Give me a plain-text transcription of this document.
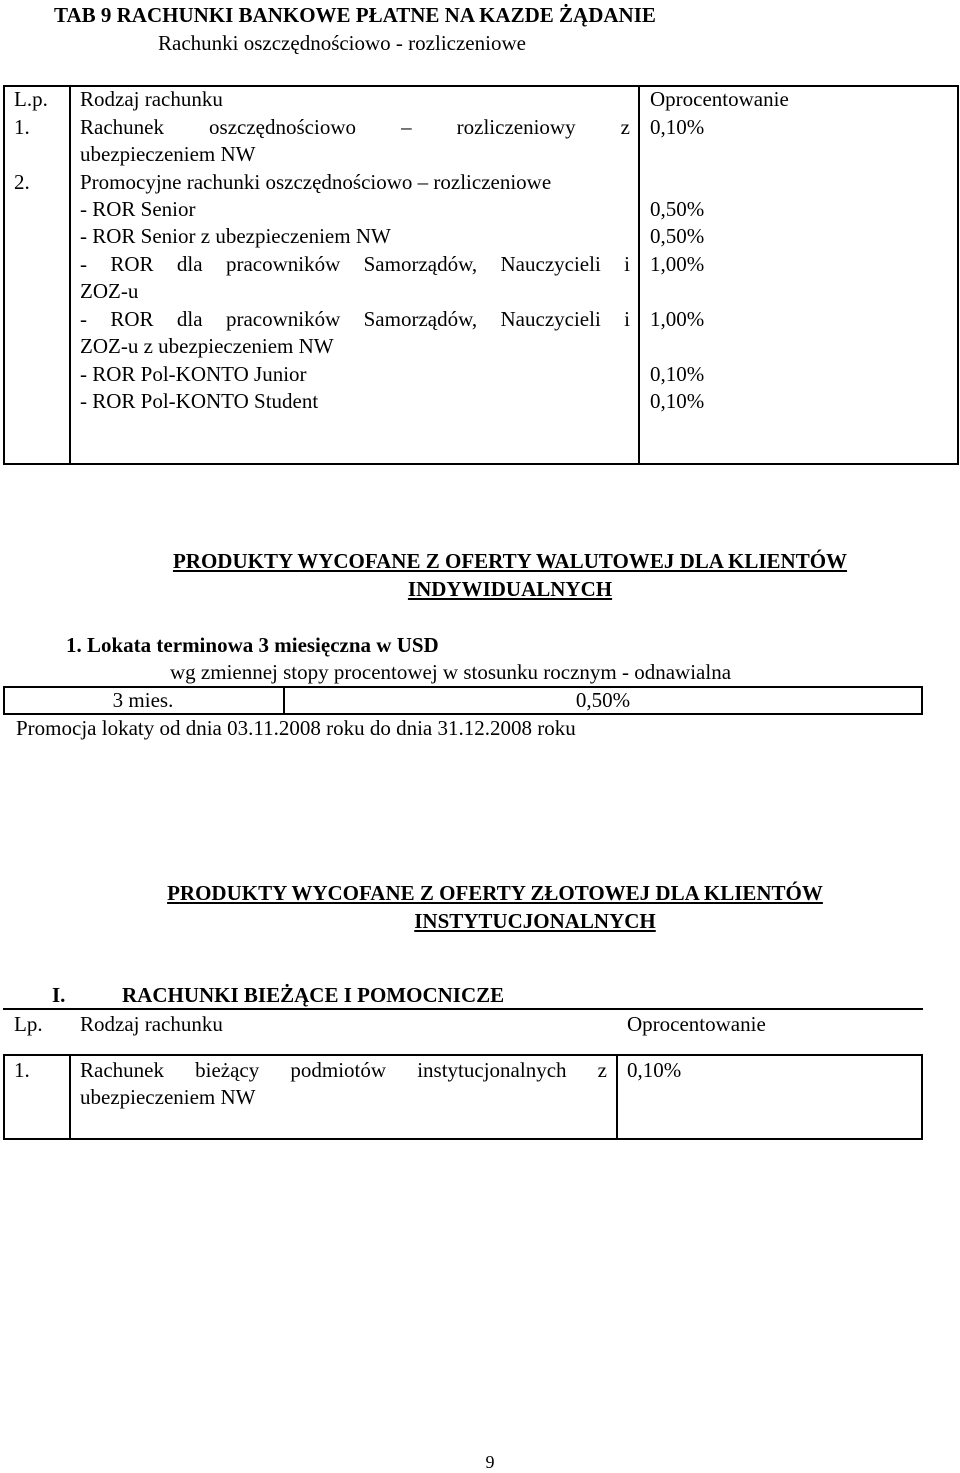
TAB 9 RACHUNKI BANKOWE PŁATNE NA KAZDE ŻĄDANIE
Rachunki oszczędnościowo - rozliczeniowe
L.p. Rodzaj rachunku	Oprocentowanie
1. Rachunek oszczędnościowo – rozliczeniowy z
ubezpieczeniem NW
0,10%
2. Promocyjne rachunki oszczędnościowo – rozliczeniowe
- ROR Senior	0,50%
- ROR Senior z ubezpieczeniem NW	0,50%
- ROR dla pracowników Samorządów, Nauczycieli i
ZOZ-u
1,00%
- ROR dla pracowników Samorządów, Nauczycieli i
ZOZ-u z ubezpieczeniem NW
1,00%
- ROR Pol-KONTO Junior	0,10%
- ROR Pol-KONTO Student	0,10%
PRODUKTY WYCOFANE Z OFERTY WALUTOWEJ DLA KLIENTÓW
INDYWIDUALNYCH
1. Lokata terminowa 3 miesięczna w USD
wg zmiennej stopy procentowej w stosunku rocznym - odnawialna
3 mies.	0,50%
Promocja lokaty od dnia 03.11.2008 roku do dnia 31.12.2008 roku
PRODUKTY WYCOFANE Z OFERTY ZŁOTOWEJ DLA KLIENTÓW
INSTYTUCJONALNYCH
I.	RACHUNKI BIEŻĄCE I POMOCNICZE
Lp. Rodzaj rachunku	Oprocentowanie
1. Rachunek bieżący podmiotów instytucjonalnych z
ubezpieczeniem NW
0,10%
9
